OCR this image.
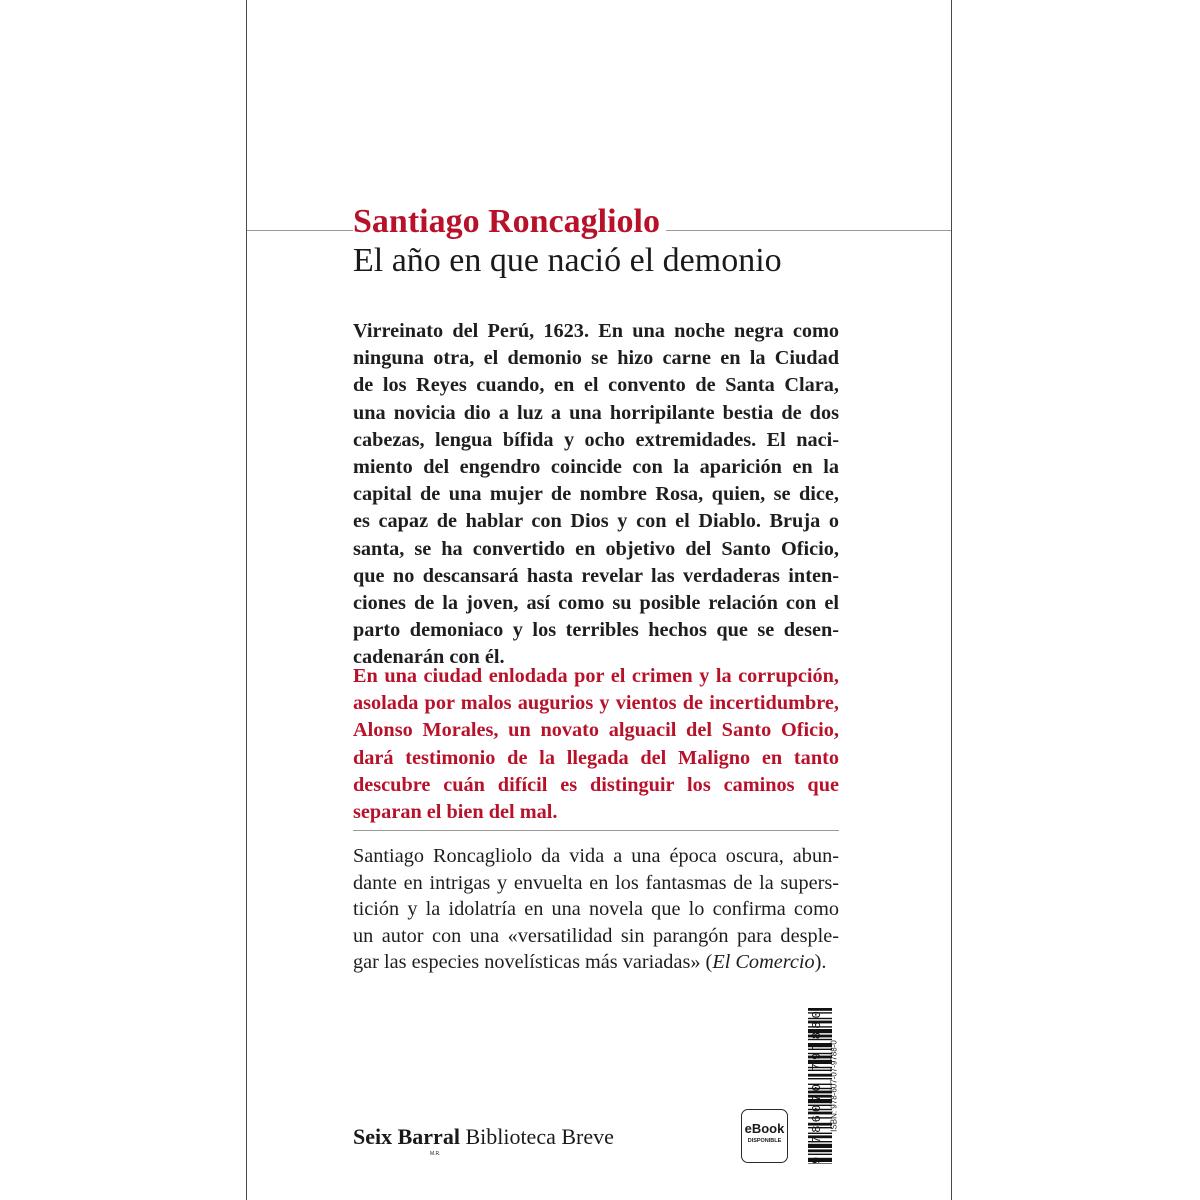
Santiago Roncagliolo
El año en que nació el demonio
Virreinato del Perú, 1623. En una noche negra como
ninguna otra, el demonio se hizo carne en la Ciudad
de los Reyes cuando, en el convento de Santa Clara,
una novicia dio a luz a una horripilante bestia de dos
cabezas, lengua bífida y ocho extremidades. El naci-
miento del engendro coincide con la aparición en la
capital de una mujer de nombre Rosa, quien, se dice,
es capaz de hablar con Dios y con el Diablo. Bruja o
santa, se ha convertido en objetivo del Santo Oficio,
que no descansará hasta revelar las verdaderas inten-
ciones de la joven, así como su posible relación con el
parto demoniaco y los terribles hechos que se desen-
cadenarán con él.
En una ciudad enlodada por el crimen y la corrupción,
asolada por malos augurios y vientos de incertidumbre,
Alonso Morales, un novato alguacil del Santo Oficio,
dará testimonio de la llegada del Maligno en tanto
descubre cuán difícil es distinguir los caminos que
separan el bien del mal.
Santiago Roncagliolo da vida a una época oscura, abun-
dante en intrigas y envuelta en los fantasmas de la supers-
tición y la idolatría en una novela que lo confirma como
un autor con una «versatilidad sin parangón para desple-
gar las especies novelísticas más variadas» (El Comercio).
Seix Barral Biblioteca Breve
M.R.
eBook
DISPONIBLE	9 786070 797880 ISBN: 978-607-07-9788-0
